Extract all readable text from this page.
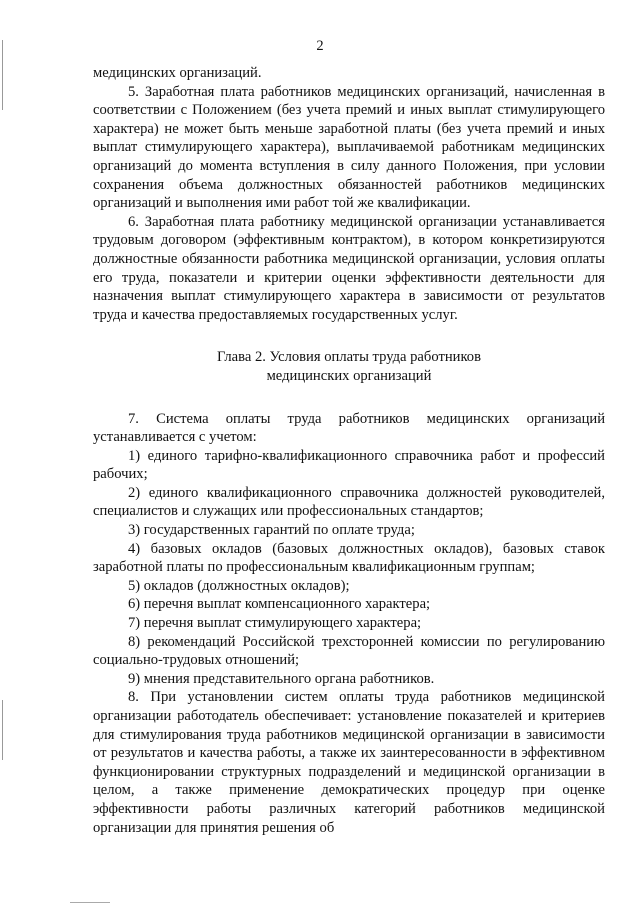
2

медицинских организаций.

5. Заработная плата работников медицинских организаций, начисленная в соответствии с Положением (без учета премий и иных выплат стимулирующего характера) не может быть меньше заработной платы (без учета премий и иных выплат стимулирующего характера), выплачиваемой работникам медицинских организаций до момента вступления в силу данного Положения, при условии сохранения объема должностных обязанностей работников медицинских организаций и выполнения ими работ той же квалификации.

6. Заработная плата работнику медицинской организации устанавливается трудовым договором (эффективным контрактом), в котором конкретизируются должностные обязанности работника медицинской организации, условия оплаты его труда, показатели и критерии оценки эффективности деятельности для назначения выплат стимулирующего характера в зависимости от результатов труда и качества предоставляемых государственных услуг.

Глава 2. Условия оплаты труда работников
медицинских организаций

7. Система оплаты труда работников медицинских организаций устанавливается с учетом:

1) единого тарифно-квалификационного справочника работ и профессий рабочих;

2) единого квалификационного справочника должностей руководителей, специалистов и служащих или профессиональных стандартов;

3) государственных гарантий по оплате труда;

4) базовых окладов (базовых должностных окладов), базовых ставок заработной платы по профессиональным квалификационным группам;

5) окладов (должностных окладов);

6) перечня выплат компенсационного характера;

7) перечня выплат стимулирующего характера;

8) рекомендаций Российской трехсторонней комиссии по регулированию социально-трудовых отношений;

9) мнения представительного органа работников.

8. При установлении систем оплаты труда работников медицинской организации работодатель обеспечивает: установление показателей и критериев для стимулирования труда работников медицинской организации в зависимости от результатов и качества работы, а также их заинтересованности в эффективном функционировании структурных подразделений и медицинской организации в целом, а также применение демократических процедур при оценке эффективности работы различных категорий работников медицинской организации для принятия решения об
